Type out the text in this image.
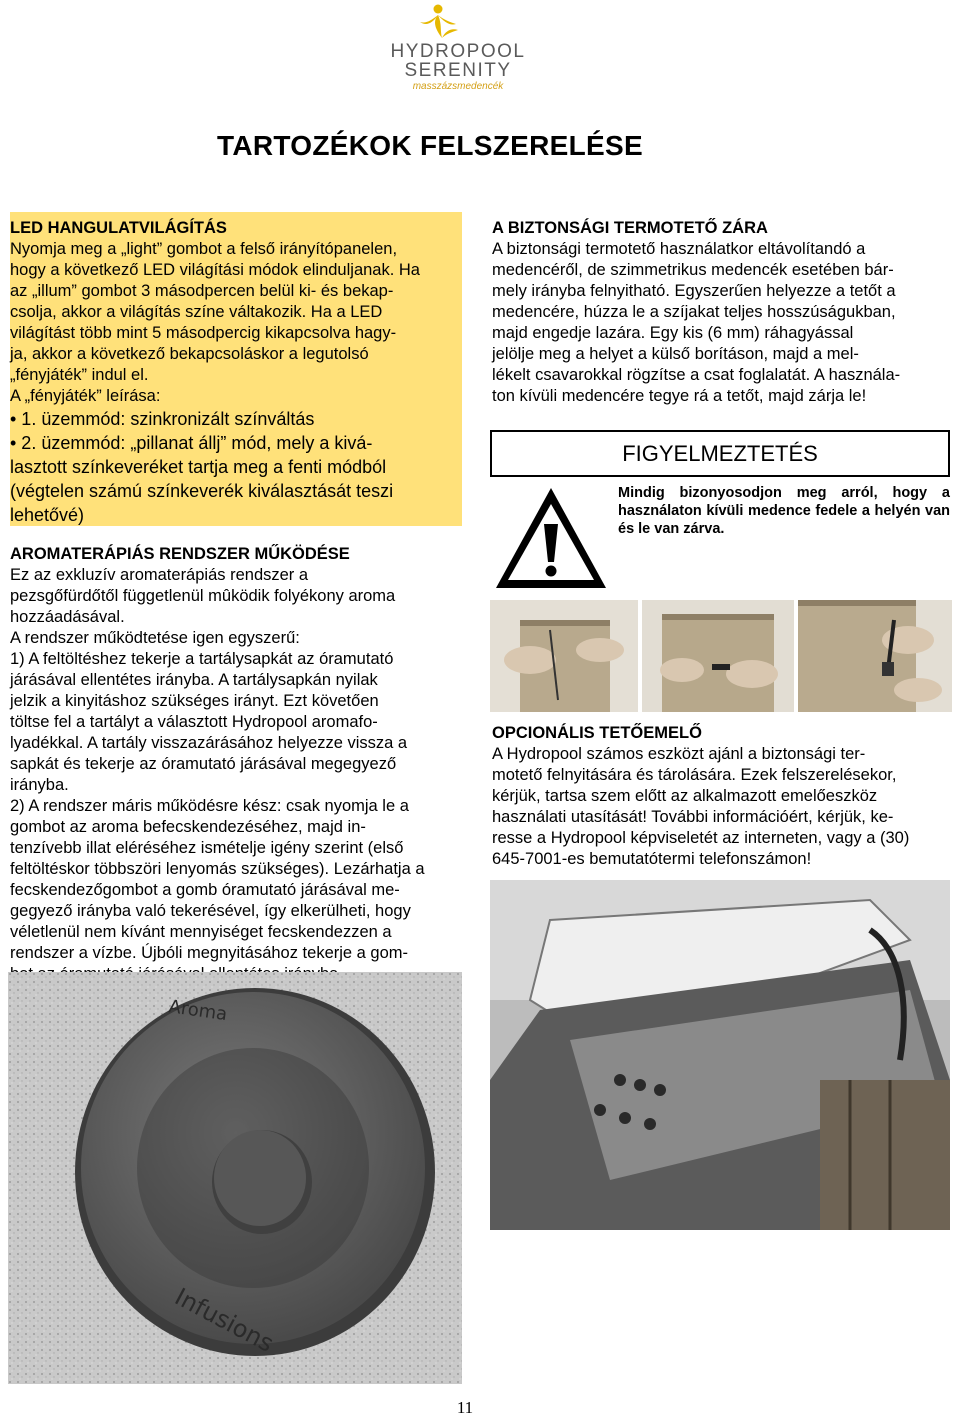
HYDROPOOL
SERENITY
masszázsmedencék
TARTOZÉKOK FELSZERELÉSE
LED HANGULATVILÁGÍTÁS
Nyomja meg a „light” gombot a felső irányítópanelen,
hogy a következő LED világítási módok elinduljanak. Ha
az „illum” gombot 3 másodpercen belül ki- és bekap-
csolja, akkor a világítás színe váltakozik. Ha a LED
világítást több mint 5 másodpercig kikapcsolva hagy-
ja, akkor a következő bekapcsoláskor a legutolsó
„fényjáték” indul el.
A „fényjáték” leírása:
• 1. üzemmód: szinkronizált színváltás
• 2. üzemmód: „pillanat állj” mód, mely a kivá-
lasztott színkeveréket tartja meg a fenti módból
(végtelen számú színkeverék kiválasztását teszi
lehetővé)
AROMATERÁPIÁS RENDSZER MŰKÖDÉSE
Ez az exkluzív aromaterápiás rendszer a
pezsgőfürdőtől függetlenül mûködik folyékony aroma
hozzáadásával.
A rendszer működtetése igen egyszerű:
1) A feltöltéshez tekerje a tartálysapkát az óramutató
járásával ellentétes irányba. A tartálysapkán nyilak
jelzik a kinyitáshoz szükséges irányt. Ezt követően
töltse fel a tartályt a választott Hydropool aromafo-
lyadékkal. A tartály visszazárásához helyezze vissza a
sapkát és tekerje az óramutató járásával megegyező
irányba.
2) A rendszer máris működésre kész: csak nyomja le a
gombot az aroma befecskendezéséhez, majd in-
tenzívebb illat eléréséhez ismételje igény szerint (első
feltöltéskor többszöri lenyomás szükséges). Lezárhatja a
fecskendezőgombot a gomb óramutató járásával me-
gegyező irányba való tekerésével, így elkerülheti, hogy
véletlenül nem kívánt mennyiséget fecskendezzen a
rendszer a vízbe. Újbóli megnyitásához tekerje a gom-
Aroma
Infusions
A BIZTONSÁGI TERMOTETŐ ZÁRA
A biztonsági termotető használatkor eltávolítandó a
medencéről, de szimmetrikus medencék esetében bár-
mely irányba felnyitható. Egyszerűen helyezze a tetőt a
medencére, húzza le a szíjakat teljes hosszúságukban,
majd engedje lazára. Egy kis (6 mm) ráhagyással
jelölje meg a helyet a külső borításon, majd a mel-
lékelt csavarokkal rögzítse a csat foglalatát. A használa-
ton kívüli medencére tegye rá a tetőt, majd zárja le!
FIGYELMEZTETÉS
Mindig bizonyosodjon meg arról, hogy a használaton kívüli medence fedele a helyén van és le van zárva.
OPCIONÁLIS TETŐEMELŐ
A Hydropool számos eszközt ajánl a biztonsági ter-
motető felnyitására és tárolására. Ezek felszerelésekor,
kérjük, tartsa szem előtt az alkalmazott emelőeszköz
használati utasítását! További információért, kérjük, ke-
resse a Hydropool képviseletét az interneten, vagy a (30)
645-7001-es bemutatótermi telefonszámon!
11
